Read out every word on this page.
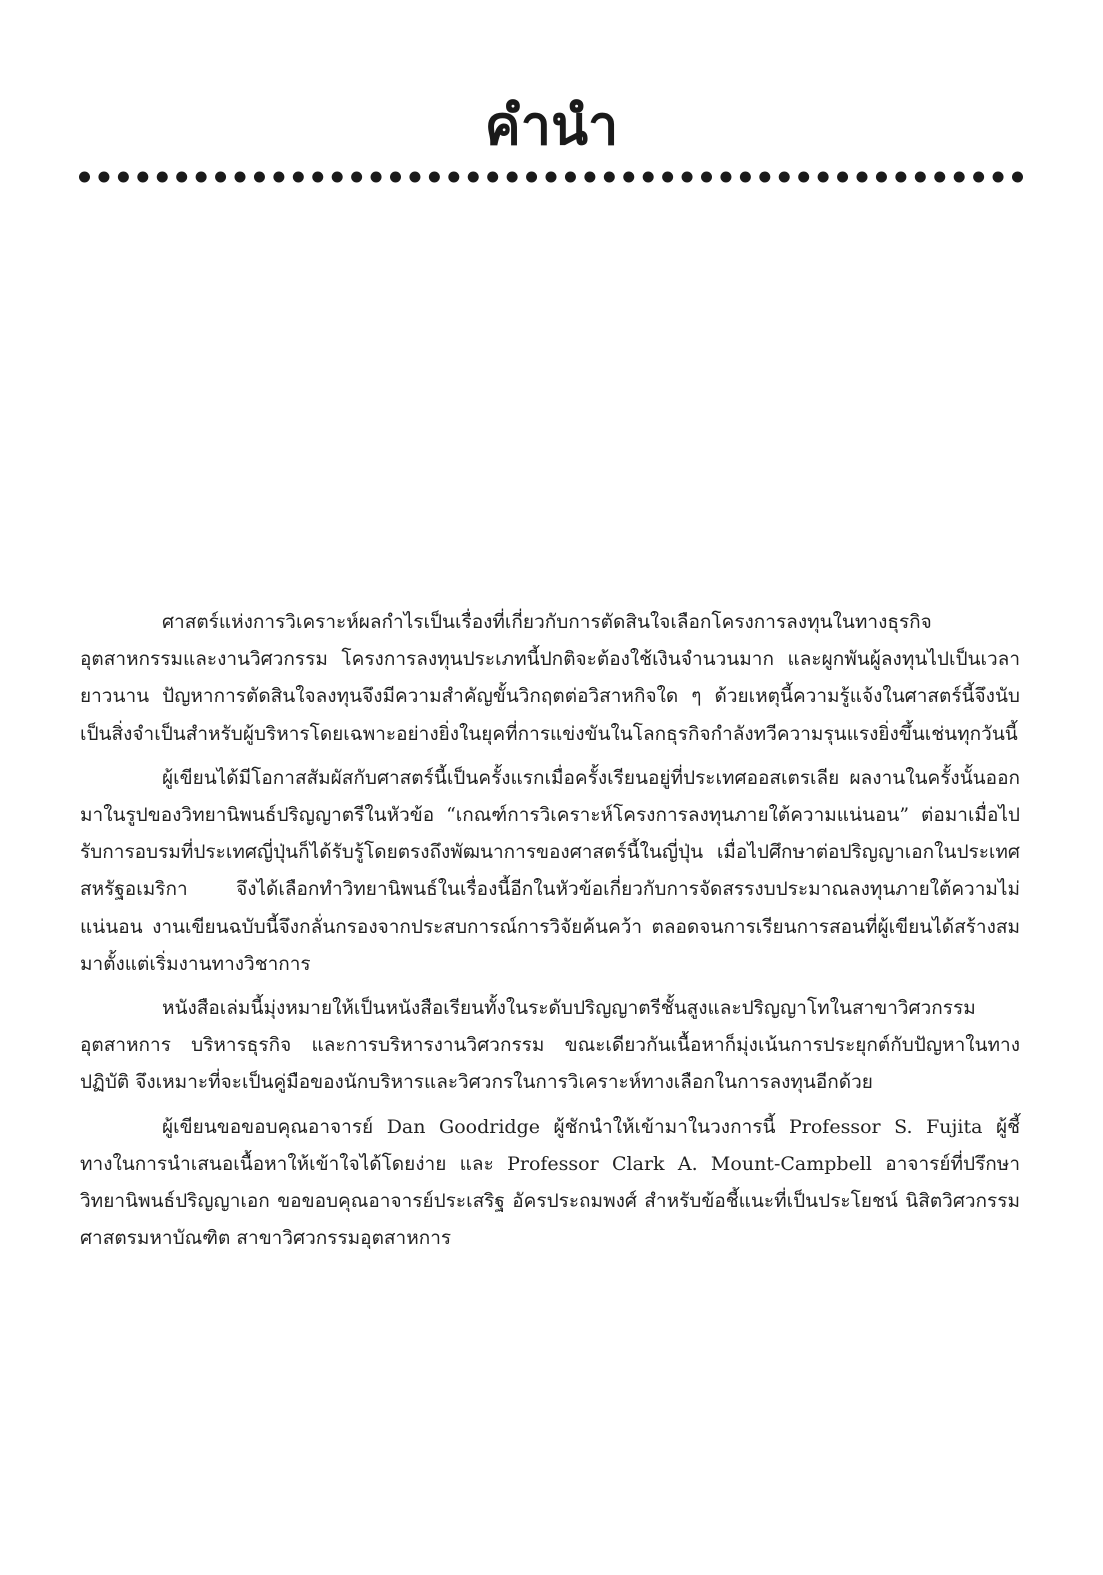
คำนำ

ศาสตร์แห่งการวิเคราะห์ผลกำไรเป็นเรื่องที่เกี่ยวกับการตัดสินใจเลือกโครงการลงทุนในทางธุรกิจอุตสาหกรรมและงานวิศวกรรม โครงการลงทุนประเภทนี้ปกติจะต้องใช้เงินจำนวนมาก และผูกพันผู้ลงทุนไปเป็นเวลายาวนาน ปัญหาการตัดสินใจลงทุนจึงมีความสำคัญขั้นวิกฤตต่อวิสาหกิจใด ๆ ด้วยเหตุนี้ความรู้แจ้งในศาสตร์นี้จึงนับเป็นสิ่งจำเป็นสำหรับผู้บริหารโดยเฉพาะอย่างยิ่งในยุคที่การแข่งขันในโลกธุรกิจกำลังทวีความรุนแรงยิ่งขึ้นเช่นทุกวันนี้

ผู้เขียนได้มีโอกาสสัมผัสกับศาสตร์นี้เป็นครั้งแรกเมื่อครั้งเรียนอยู่ที่ประเทศออสเตรเลีย ผลงานในครั้งนั้นออกมาในรูปของวิทยานิพนธ์ปริญญาตรีในหัวข้อ “เกณฑ์การวิเคราะห์โครงการลงทุนภายใต้ความแน่นอน” ต่อมาเมื่อไปรับการอบรมที่ประเทศญี่ปุ่นก็ได้รับรู้โดยตรงถึงพัฒนาการของศาสตร์นี้ในญี่ปุ่น เมื่อไปศึกษาต่อปริญญาเอกในประเทศสหรัฐอเมริกา จึงได้เลือกทำวิทยานิพนธ์ในเรื่องนี้อีกในหัวข้อเกี่ยวกับการจัดสรรงบประมาณลงทุนภายใต้ความไม่แน่นอน งานเขียนฉบับนี้จึงกลั่นกรองจากประสบการณ์การวิจัยค้นคว้า ตลอดจนการเรียนการสอนที่ผู้เขียนได้สร้างสมมาตั้งแต่เริ่มงานทางวิชาการ

หนังสือเล่มนี้มุ่งหมายให้เป็นหนังสือเรียนทั้งในระดับปริญญาตรีชั้นสูงและปริญญาโทในสาขาวิศวกรรมอุตสาหการ บริหารธุรกิจ และการบริหารงานวิศวกรรม ขณะเดียวกันเนื้อหาก็มุ่งเน้นการประยุกต์กับปัญหาในทางปฏิบัติ จึงเหมาะที่จะเป็นคู่มือของนักบริหารและวิศวกรในการวิเคราะห์ทางเลือกในการลงทุนอีกด้วย

ผู้เขียนขอขอบคุณอาจารย์ Dan Goodridge ผู้ชักนำให้เข้ามาในวงการนี้ Professor S. Fujita ผู้ชี้ทางในการนำเสนอเนื้อหาให้เข้าใจได้โดยง่าย และ Professor Clark A. Mount-Campbell อาจารย์ที่ปรึกษาวิทยานิพนธ์ปริญญาเอก ขอขอบคุณอาจารย์ประเสริฐ อัครประถมพงศ์ สำหรับข้อชี้แนะที่เป็นประโยชน์ นิสิตวิศวกรรมศาสตรมหาบัณฑิต สาขาวิศวกรรมอุตสาหการ
